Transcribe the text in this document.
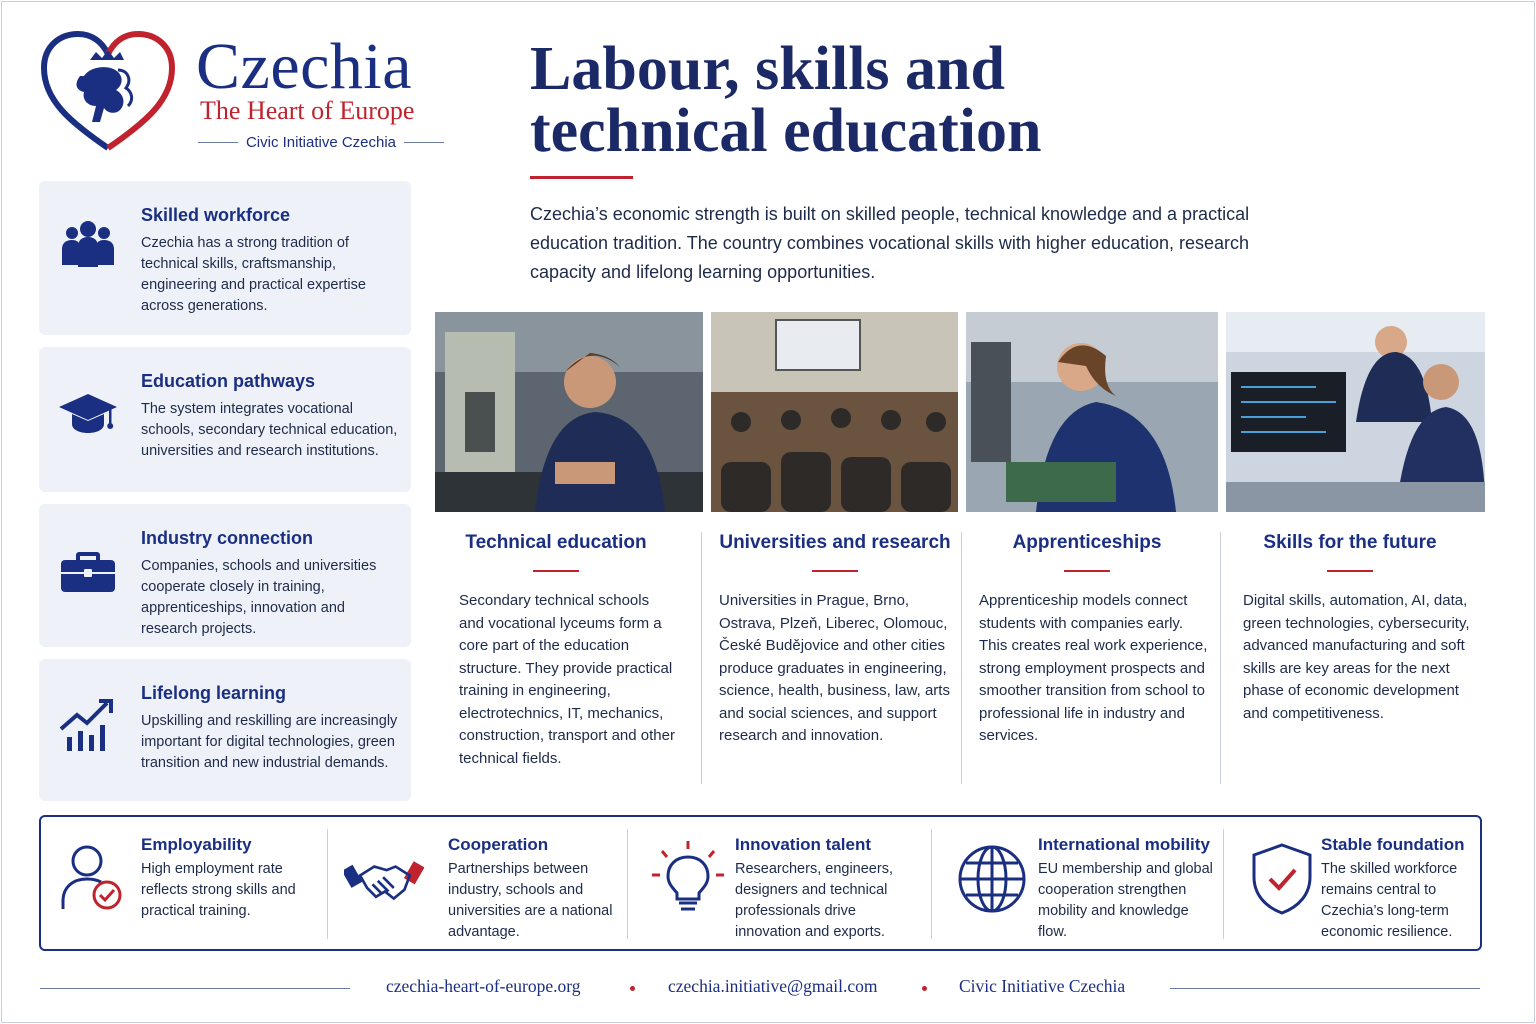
Czechia
The Heart of Europe
Civic Initiative Czechia
Labour, skills and
technical education
Czechia’s economic strength is built on skilled people, technical knowledge and a practical education tradition. The country combines vocational skills with higher education, research capacity and lifelong learning opportunities.
Skilled workforce

Czechia has a strong tradition of technical skills, craftsmanship, engineering and practical expertise across generations.

Education pathways

The system integrates vocational schools, secondary technical education, universities and research institutions.

Industry connection

Companies, schools and universities cooperate closely in training, apprenticeships, innovation and research projects.

Lifelong learning

Upskilling and reskilling are increasingly important for digital technologies, green transition and new industrial demands.

Technical education

Secondary technical schools and vocational lyceums form a core part of the education structure. They provide practical training in engineering, electrotechnics, IT, mechanics, construction, transport and other technical fields.

Universities and research

Universities in Prague, Brno, Ostrava, Plzeň, Liberec, Olomouc, České Budějovice and other cities produce graduates in engineering, science, health, business, law, arts and social sciences, and support research and innovation.

Apprenticeships

Apprenticeship models connect students with companies early. This creates real work experience, strong employment prospects and smoother transition from school to professional life in industry and services.

Skills for the future

Digital skills, automation, AI, data, green technologies, cybersecurity, advanced manufacturing and soft skills are key areas for the next phase of economic development and competitiveness.

Employability

High employment rate reflects strong skills and practical training.

Cooperation

Partnerships between industry, schools and universities are a national advantage.

Innovation talent

Researchers, engineers, designers and technical professionals drive innovation and exports.

International mobility

EU membership and global cooperation strengthen mobility and knowledge flow.

Stable foundation

The skilled workforce remains central to Czechia’s long-term economic resilience.

czechia-heart-of-europe.org	czechia.initiative@gmail.com	Civic Initiative Czechia
